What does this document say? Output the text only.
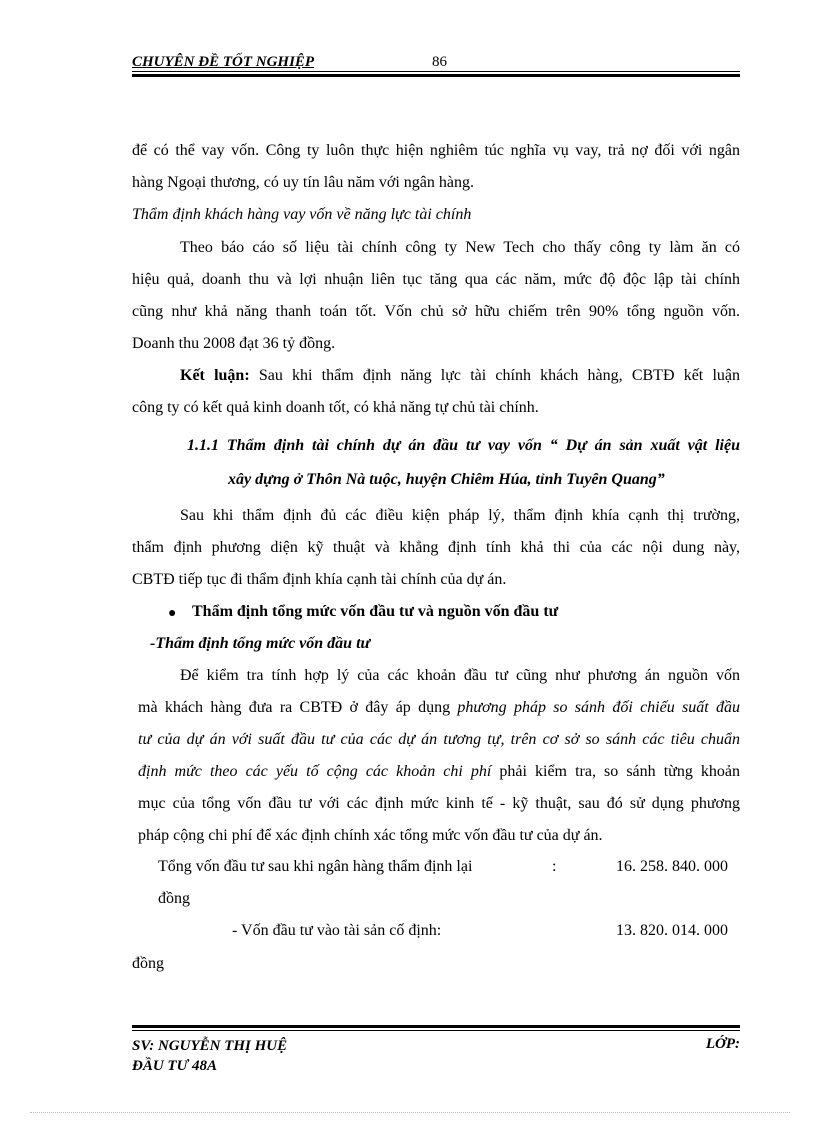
CHUYÊN ĐỀ TỐT NGHIỆP	86
để có thể vay vốn. Công ty luôn thực hiện nghiêm túc nghĩa vụ vay, trả nợ đối với ngân
hàng Ngoại thương, có uy tín lâu năm với ngân hàng.
Thẩm định khách hàng vay vốn về năng lực tài chính
Theo báo cáo số liệu tài chính công ty New Tech cho thấy công ty làm ăn có
hiệu quả, doanh thu và lợi nhuận liên tục tăng qua các năm, mức độ độc lập tài chính
cũng như khả năng thanh toán tốt. Vốn chủ sở hữu chiếm trên 90% tổng nguồn vốn.
Doanh thu 2008 đạt 36 tỷ đồng.
Kết luận: Sau khi thẩm định năng lực tài chính khách hàng, CBTĐ kết luận
công ty có kết quả kinh doanh tốt, có khả năng tự chủ tài chính.
1.1.1 Thẩm định tài chính dự án đầu tư vay vốn “ Dự án sản xuất vật liệu
xây dựng ở Thôn Nà tuộc, huyện Chiêm Húa, tỉnh Tuyên Quang”
Sau khi thẩm định đủ các điều kiện pháp lý, thẩm định khía cạnh thị trường,
thẩm định phương diện kỹ thuật và khẳng định tính khả thi của các nội dung này,
CBTĐ tiếp tục đi thẩm định khía cạnh tài chính của dự án.
● Thẩm định tổng mức vốn đầu tư và nguồn vốn đầu tư
-Thẩm định tổng mức vốn đầu tư
Để kiểm tra tính hợp lý của các khoản đầu tư cũng như phương án nguồn vốn
mà khách hàng đưa ra CBTĐ ở đây áp dụng phương pháp so sánh đối chiếu suất đầu
tư của dự án với suất đầu tư của các dự án tương tự, trên cơ sở so sánh các tiêu chuẩn
định mức theo các yếu tố cộng các khoản chi phí phải kiểm tra, so sánh từng khoản
mục của tổng vốn đầu tư với các định mức kinh tế - kỹ thuật, sau đó sử dụng phương
pháp cộng chi phí để xác định chính xác tổng mức vốn đầu tư của dự án.
Tổng vốn đầu tư sau khi ngân hàng thẩm định lại	:	16. 258. 840. 000
đồng
- Vốn đầu tư vào tài sản cố định:	13. 820. 014. 000
đồng
SV: NGUYỄN THỊ HUỆ
ĐẦU TƯ 48A
LỚP:
